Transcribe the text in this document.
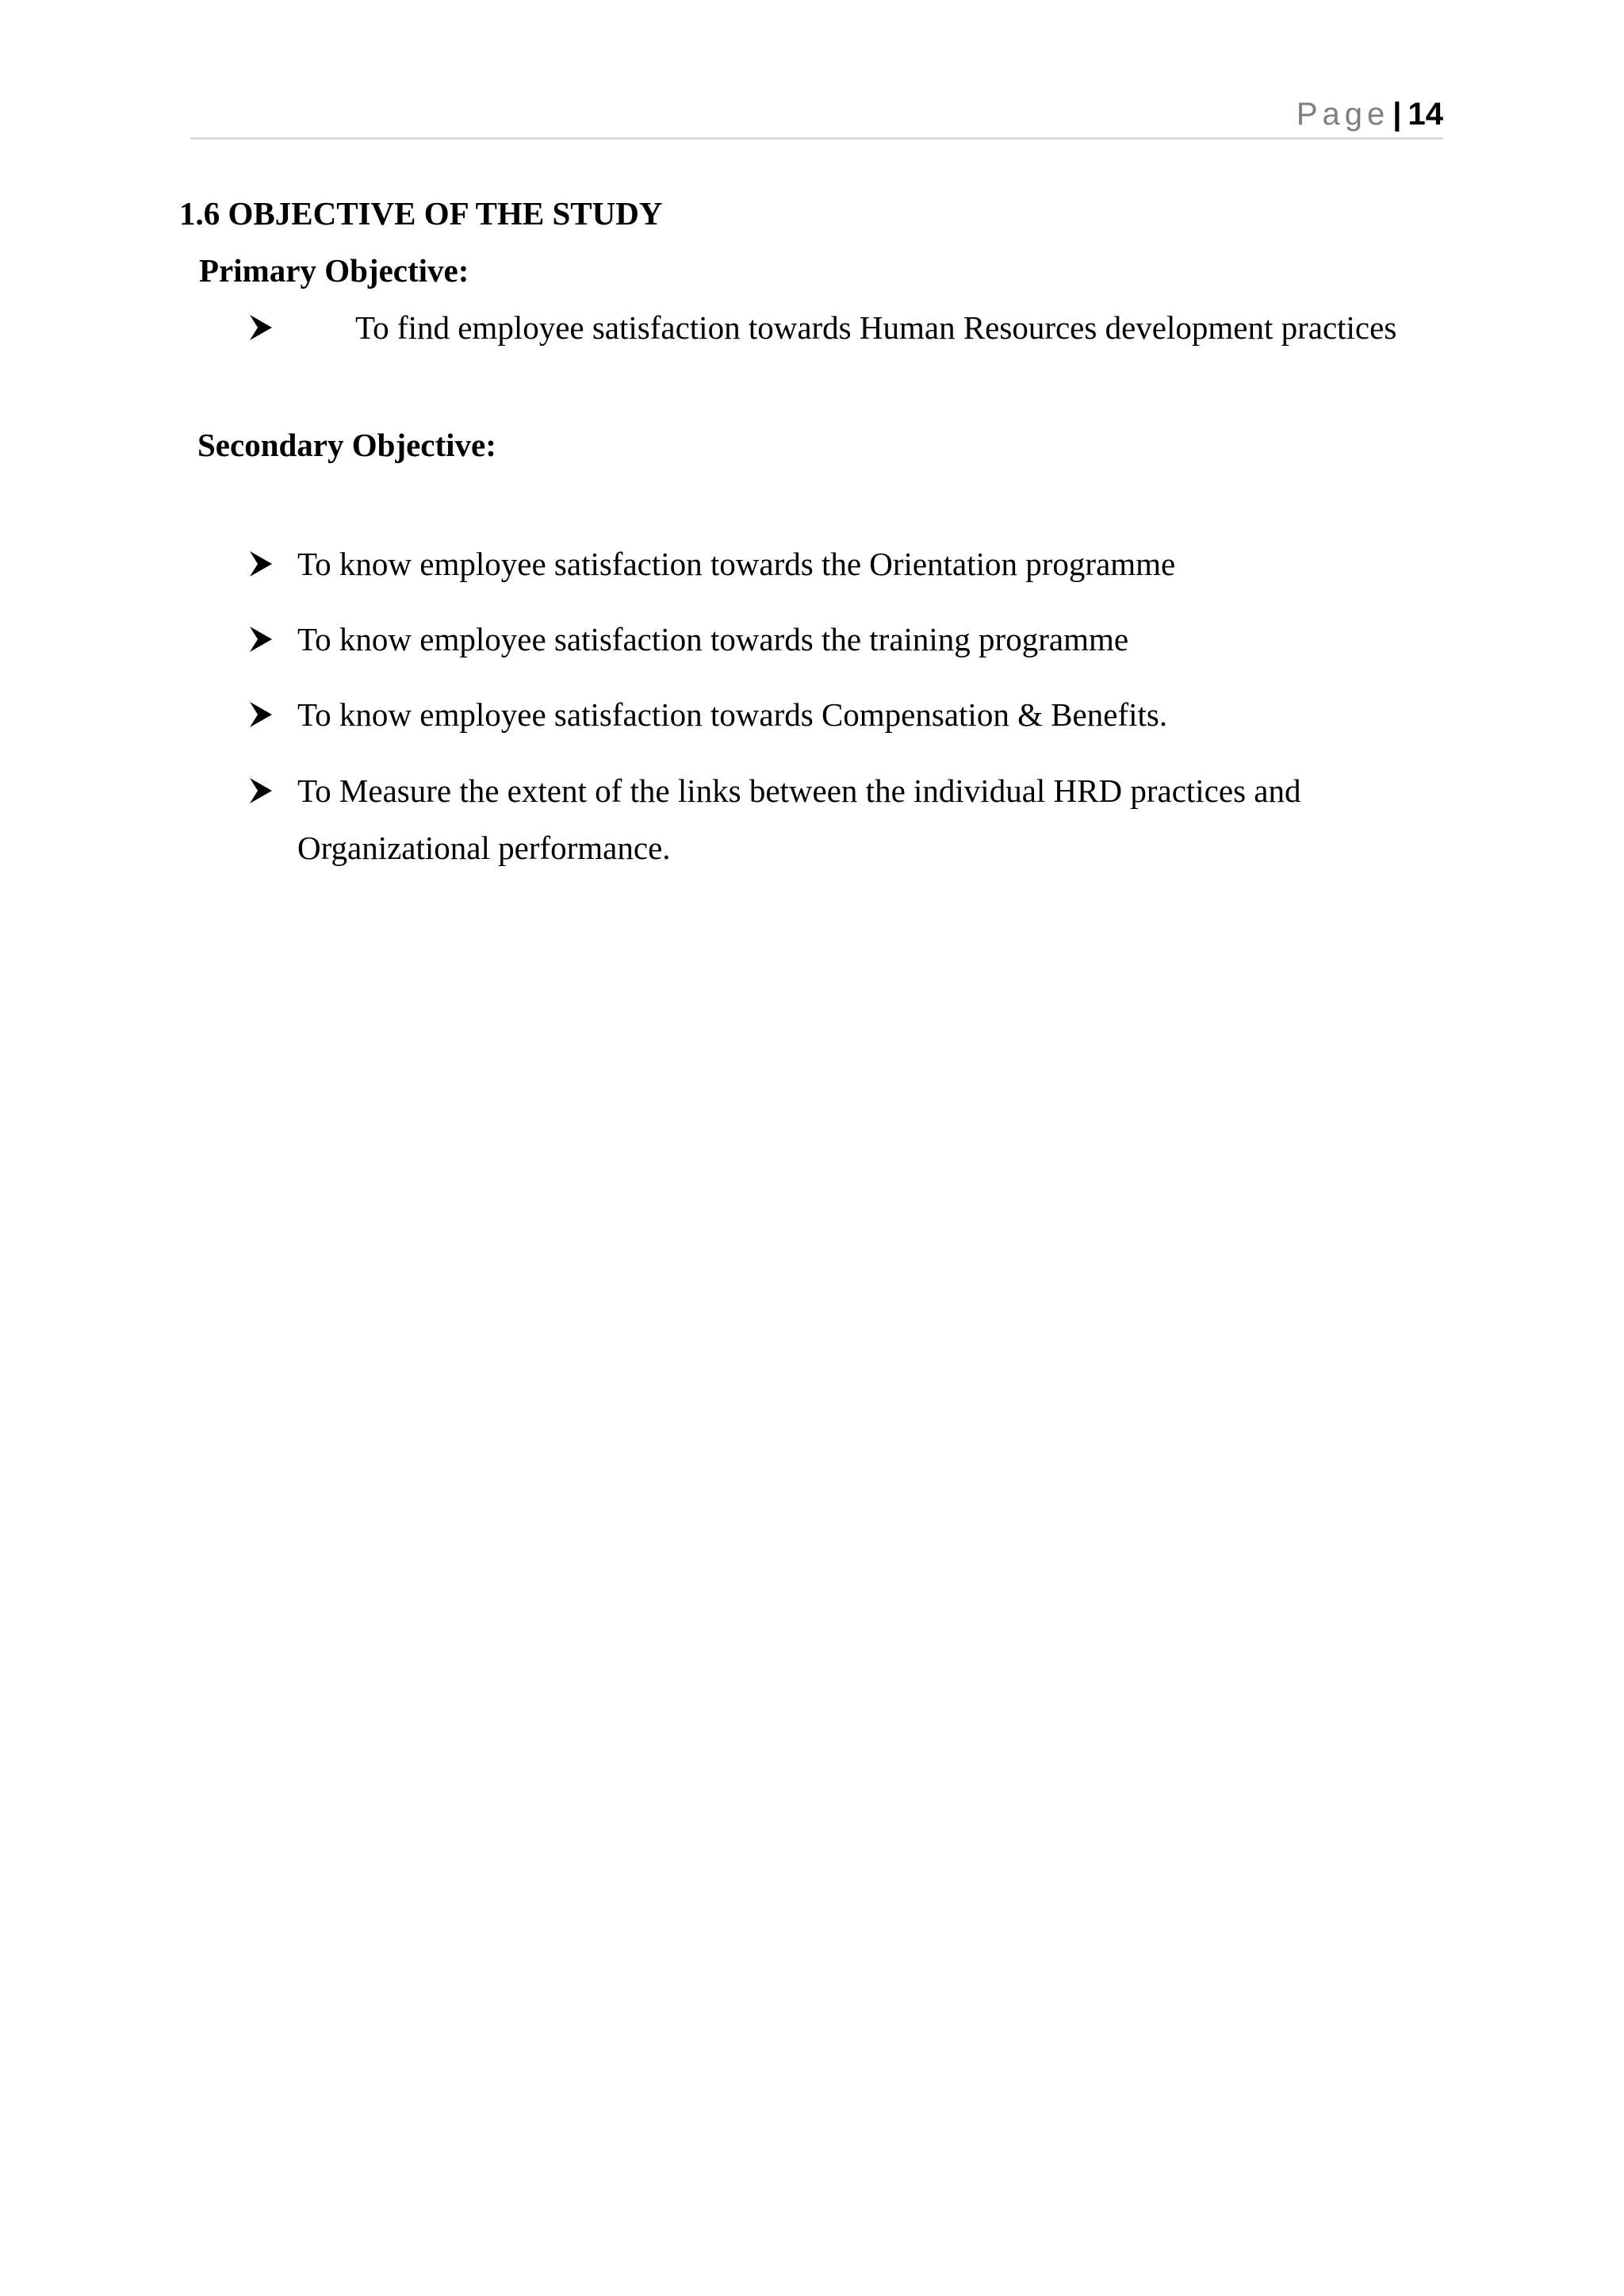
Page | 14
1.6 OBJECTIVE OF THE STUDY
Primary Objective:
To find employee satisfaction towards Human Resources development practices
Secondary Objective:
To know employee satisfaction towards the Orientation programme
To know employee satisfaction towards the training programme
To know employee satisfaction towards Compensation & Benefits.
To Measure the extent of the links between the individual HRD practices and
Organizational performance.
